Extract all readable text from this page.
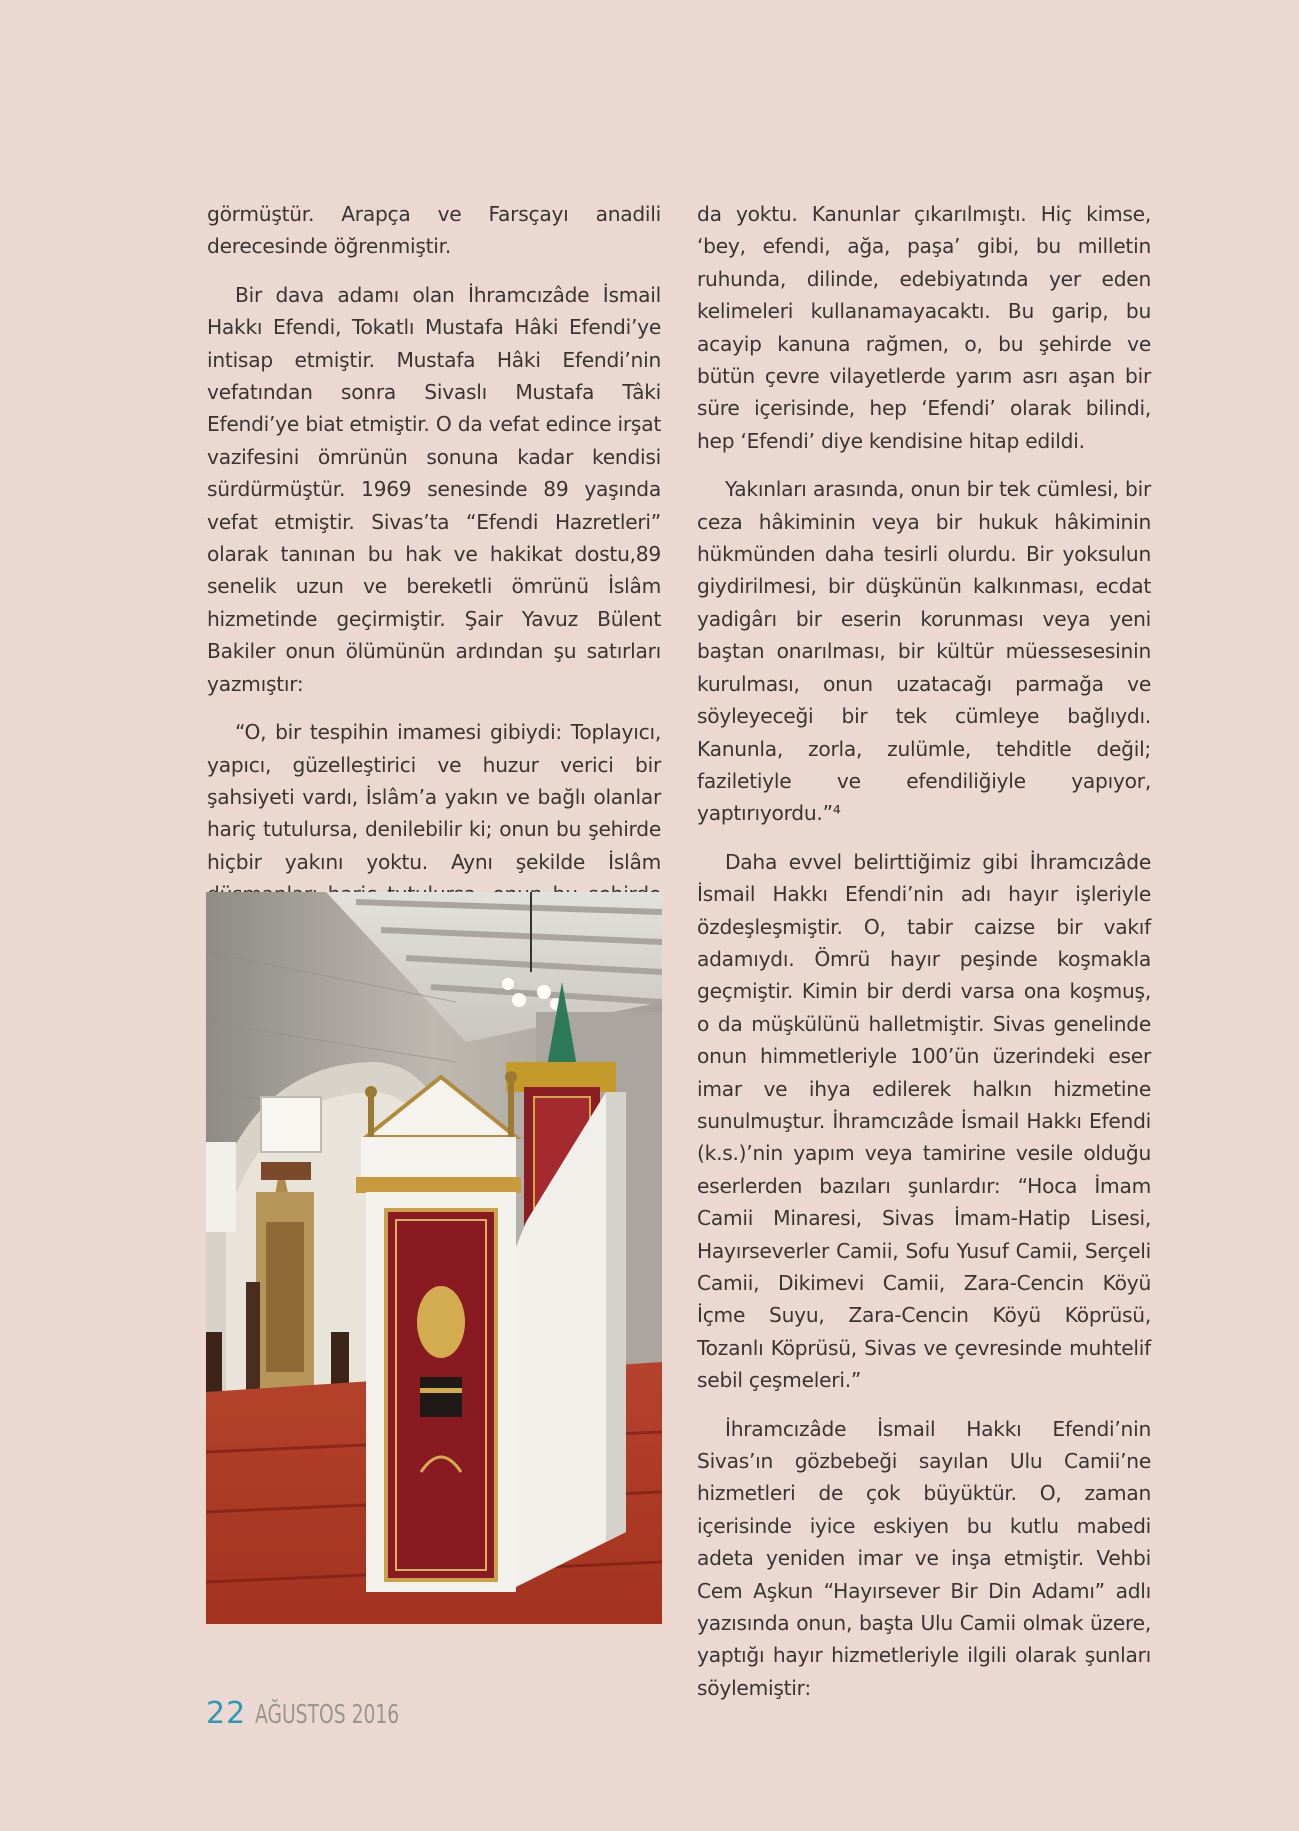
görmüştür. Arapça ve Farsçayı anadili derecesinde öğrenmiştir.

Bir dava adamı olan İhramcızâde İsmail Hakkı Efendi, Tokatlı Mustafa Hâki Efendi’ye intisap etmiştir. Mustafa Hâki Efendi’nin vefatından sonra Sivaslı Mustafa Tâki Efendi’ye biat etmiştir. O da vefat edince irşat vazifesini ömrünün sonuna kadar kendisi sürdürmüştür. 1969 senesinde 89 yaşında vefat etmiştir. Sivas’ta “Efendi Hazretleri” olarak tanınan bu hak ve hakikat dostu,89 senelik uzun ve bereketli ömrünü İslâm hizmetinde geçirmiştir. Şair Yavuz Bülent Bakiler onun ölümünün ardından şu satırları yazmıştır:

“O, bir tespihin imamesi gibiydi: Toplayıcı, yapıcı, güzelleştirici ve huzur verici bir şahsiyeti vardı, İslâm’a yakın ve bağlı olanlar hariç tutulursa, denilebilir ki; onun bu şehirde hiçbir yakını yoktu. Aynı şekilde İslâm

da yoktu. Kanunlar çıkarılmıştı. Hiç kimse, ‘bey, efendi, ağa, paşa’ gibi, bu milletin ruhunda, dilinde, edebiyatında yer eden kelimeleri kullanamayacaktı. Bu garip, bu acayip kanuna rağmen, o, bu şehirde ve bütün çevre vilayetlerde yarım asrı aşan bir süre içerisinde, hep ‘Efendi’ olarak bilindi, hep ‘Efendi’ diye kendisine hitap edildi.

Yakınları arasında, onun bir tek cümlesi, bir ceza hâkiminin veya bir hukuk hâkiminin hükmünden daha tesirli olurdu. Bir yoksulun giydirilmesi, bir düşkünün kalkınması, ecdat yadigârı bir eserin korunması veya yeni baştan onarılması, bir kültür müessesesinin kurulması, onun uzatacağı parmağa ve söyleyeceği bir tek cümleye bağlıydı. Kanunla, zorla, zulümle, tehditle değil; faziletiyle ve efendiliğiyle yapıyor, yaptırıyordu.”⁴

Daha evvel belirttiğimiz gibi İhramcızâde İsmail Hakkı Efendi’nin adı hayır işleriyle özdeşleşmiştir. O, tabir caizse bir vakıf adamıydı. Ömrü hayır peşinde koşmakla geçmiştir. Kimin bir derdi varsa ona koşmuş, o da müşkülünü halletmiştir. Sivas genelinde onun himmetleriyle 100’ün üzerindeki eser imar ve ihya edilerek halkın hizmetine sunulmuştur. İhramcızâde İsmail Hakkı Efendi (k.s.)’nin yapım veya tamirine vesile olduğu eserlerden bazıları şunlardır: “Hoca İmam Camii Minaresi, Sivas İmam-Hatip Lisesi, Hayırseverler Camii, Sofu Yusuf Camii, Serçeli Camii, Dikimevi Camii, Zara-Cencin Köyü İçme Suyu, Zara-Cencin Köyü Köprüsü, Tozanlı Köprüsü, Sivas ve çevresinde muhtelif sebil çeşmeleri.”

İhramcızâde İsmail Hakkı Efendi’nin Sivas’ın gözbebeği sayılan Ulu Camii’ne hizmetleri de çok büyüktür. O, zaman içerisinde iyice eskiyen bu kutlu mabedi adeta yeniden imar ve inşa etmiştir. Vehbi Cem Aşkun “Hayırsever Bir Din Adamı” adlı yazısında onun, başta Ulu Camii olmak üzere, yaptığı hayır hizmetleriyle ilgili olarak şunları söylemiştir:

22 AĞUSTOS 2016
